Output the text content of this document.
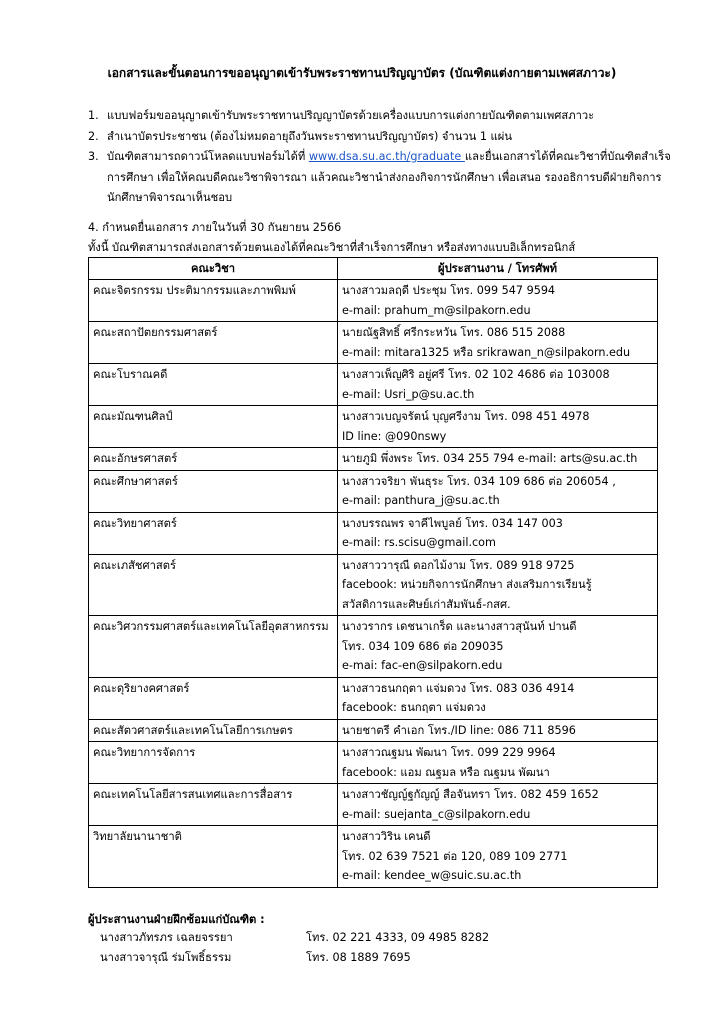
เอกสารและขั้นตอนการขออนุญาตเข้ารับพระราชทานปริญญาบัตร (บัณฑิตแต่งกายตามเพศสภาวะ)
1. แบบฟอร์มขออนุญาตเข้ารับพระราชทานปริญญาบัตรด้วยเครื่องแบบการแต่งกายบัณฑิตตามเพศสภาวะ
2. สำเนาบัตรประชาชน (ต้องไม่หมดอายุถึงวันพระราชทานปริญญาบัตร) จำนวน 1 แผ่น
3. บัณฑิตสามารถดาวน์โหลดแบบฟอร์มได้ที่ www.dsa.su.ac.th/graduate และยื่นเอกสารได้ที่คณะวิชาที่บัณฑิตสำเร็จการศึกษา เพื่อให้คณบดีคณะวิชาพิจารณา แล้วคณะวิชานำส่งกองกิจการนักศึกษา เพื่อเสนอ รองอธิการบดีฝ่ายกิจการนักศึกษาพิจารณาเห็นชอบ
4. กำหนดยื่นเอกสาร ภายในวันที่ 30 กันยายน 2566
ทั้งนี้ บัณฑิตสามารถส่งเอกสารด้วยตนเองได้ที่คณะวิชาที่สำเร็จการศึกษา หรือส่งทางแบบอิเล็กทรอนิกส์
คณะวิชา	ผู้ประสานงาน / โทรศัพท์
คณะจิตรกรรม ประติมากรรมและภาพพิมพ์	นางสาวมลฤดี ประชุม โทร. 099 547 9594
e-mail: prahum_m@silpakorn.edu

คณะสถาปัตยกรรมศาสตร์	นายณัฐสิทธิ์ ศรีกระหวัน โทร. 086 515 2088
e-mail: mitara1325 หรือ srikrawan_n@silpakorn.edu

คณะโบราณคดี	นางสาวเพ็ญศิริ อยู่ศรี โทร. 02 102 4686 ต่อ 103008
e-mail: Usri_p@su.ac.th

คณะมัณฑนศิลป์	นางสาวเบญจรัตน์ บุญศรีงาม โทร. 098 451 4978
ID line: @090nswy

คณะอักษรศาสตร์	นายภูมิ พึ่งพระ โทร. 034 255 794 e-mail: arts@su.ac.th

คณะศึกษาศาสตร์	นางสาวจริยา พันธุระ โทร. 034 109 686 ต่อ 206054 ,
e-mail: panthura_j@su.ac.th

คณะวิทยาศาสตร์	นางบรรณพร จาคีไพบูลย์ โทร. 034 147 003
e-mail: rs.scisu@gmail.com

คณะเภสัชศาสตร์	นางสาววารุณี ดอกไม้งาม โทร. 089 918 9725
facebook: หน่วยกิจการนักศึกษา ส่งเสริมการเรียนรู้
สวัสดิการและศิษย์เก่าสัมพันธ์-กสศ.

คณะวิศวกรรมศาสตร์และเทคโนโลยีอุตสาหกรรม	นางวรากร เดชนาเกร็ด และนางสาวสุนันท์ ปานดี
โทร. 034 109 686 ต่อ 209035
e-mai: fac-en@silpakorn.edu

คณะดุริยางคศาสตร์	นางสาวธนกฤตา แจ่มดวง โทร. 083 036 4914
facebook: ธนกฤตา แจ่มดวง

คณะสัตวศาสตร์และเทคโนโลยีการเกษตร	นายชาตรี คำเอก โทร./ID line: 086 711 8596

คณะวิทยาการจัดการ	นางสาวณฐมน พัฒนา โทร. 099 229 9964
facebook: แอม ณฐมล หรือ ณฐมน พัฒนา

คณะเทคโนโลยีสารสนเทศและการสื่อสาร	นางสาวชัญญ์ฐกัญญ์ สือจันทรา โทร. 082 459 1652
e-mail: suejanta_c@silpakorn.edu

วิทยาลัยนานาชาติ	นางสาววิริน เคนดี
โทร. 02 639 7521 ต่อ 120, 089 109 2771
e-mail: kendee_w@suic.su.ac.th
ผู้ประสานงานฝ่ายฝึกซ้อมแก่บัณฑิต :
นางสาวภัทรภร เฉลยจรรยา	โทร. 02 221 4333, 09 4985 8282
นางสาวจารุณี ร่มโพธิ์ธรรม	โทร. 08 1889 7695
